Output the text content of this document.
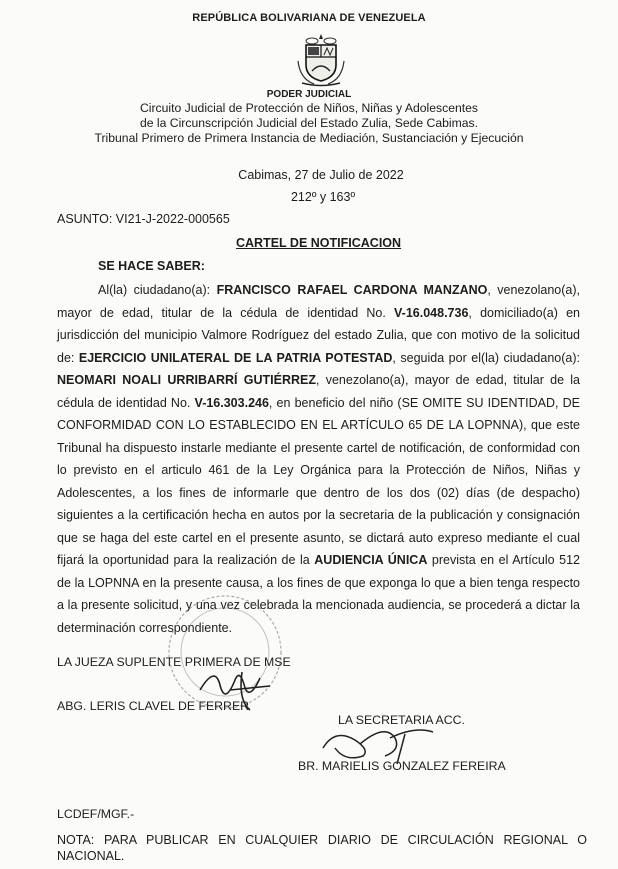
REPÚBLICA BOLIVARIANA DE VENEZUELA
PODER JUDICIAL
Circuito Judicial de Protección de Niños, Niñas y Adolescentes
de la Circunscripción Judicial del Estado Zulia, Sede Cabimas.
Tribunal Primero de Primera Instancia de Mediación, Sustanciación y Ejecución
Cabimas, 27 de Julio de 2022
212º y 163º
ASUNTO: VI21-J-2022-000565
CARTEL DE NOTIFICACION
SE HACE SABER:
Al(la) ciudadano(a): FRANCISCO RAFAEL CARDONA MANZANO, venezolano(a), mayor de edad, titular de la cédula de identidad No. V-16.048.736, domiciliado(a) en jurisdicción del municipio Valmore Rodríguez del estado Zulia, que con motivo de la solicitud de: EJERCICIO UNILATERAL DE LA PATRIA POTESTAD, seguida por el(la) ciudadano(a): NEOMARI NOALI URRIBARRÍ GUTIÉRREZ, venezolano(a), mayor de edad, titular de la cédula de identidad No. V-16.303.246, en beneficio del niño (SE OMITE SU IDENTIDAD, DE CONFORMIDAD CON LO ESTABLECIDO EN EL ARTÍCULO 65 DE LA LOPNNA), que este Tribunal ha dispuesto instarle mediante el presente cartel de notificación, de conformidad con lo previsto en el articulo 461 de la Ley Orgánica para la Protección de Niños, Niñas y Adolescentes, a los fines de informarle que dentro de los dos (02) días (de despacho) siguientes a la certificación hecha en autos por la secretaria de la publicación y consignación que se haga del este cartel en el presente asunto, se dictará auto expreso mediante el cual fijará la oportunidad para la realización de la AUDIENCIA ÚNICA prevista en el Artículo 512 de la LOPNNA en la presente causa, a los fines de que exponga lo que a bien tenga respecto a la presente solicitud, y una vez celebrada la mencionada audiencia, se procederá a dictar la determinación correspondiente.
LA JUEZA SUPLENTE PRIMERA DE MSE
ABG. LERIS CLAVEL DE FERRER
LA SECRETARIA ACC.
BR. MARIELIS GONZALEZ FEREIRA
LCDEF/MGF.-
NOTA: PARA PUBLICAR EN CUALQUIER DIARIO DE CIRCULACIÓN REGIONAL O NACIONAL.
